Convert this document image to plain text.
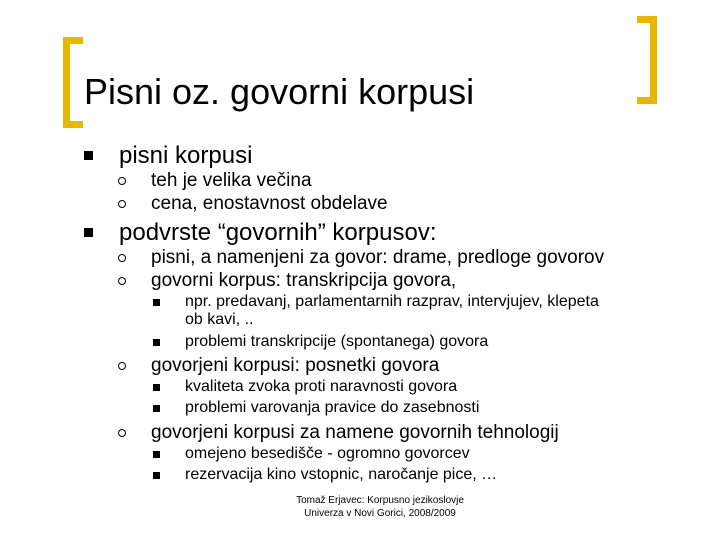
Pisni oz. govorni korpusi
pisni korpusi
teh je velika večina
cena, enostavnost obdelave
podvrste “govornih” korpusov:
pisni, a namenjeni za govor: drame, predloge govorov
govorni korpus: transkripcija govora,
npr. predavanj, parlamentarnih razprav, intervjujev, klepeta
ob kavi, ..
problemi transkripcije (spontanega) govora
govorjeni korpusi: posnetki govora
kvaliteta zvoka proti naravnosti govora
problemi varovanja pravice do zasebnosti
govorjeni korpusi za namene govornih tehnologij
omejeno besedišče - ogromno govorcev
rezervacija kino vstopnic, naročanje pice, …
Tomaž Erjavec: Korpusno jezikoslovje
Univerza v Novi Gorici, 2008/2009
